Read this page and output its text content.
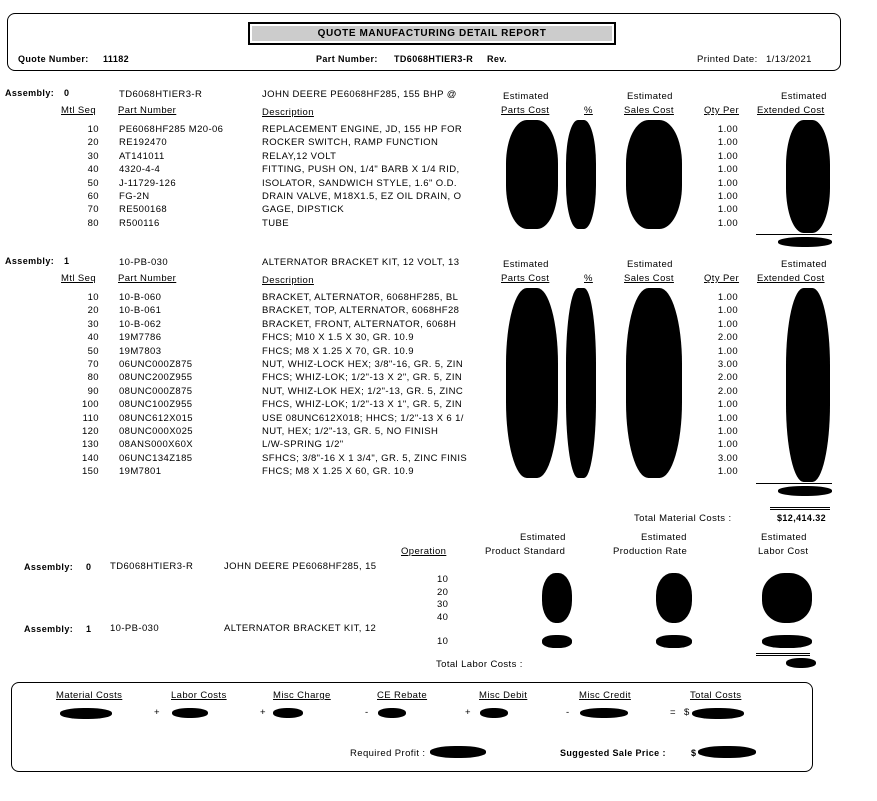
QUOTE MANUFACTURING DETAIL REPORT
Quote Number: 11182	Part Number: TD6068HTIER3-R Rev.	Printed Date: 1/13/2021
Assembly: 0	TD6068HTIER3-R	JOHN DEERE PE6068HF285, 155 BHP @	Estimated	Estimated	Estimated
Mtl Seq Part Number	Description	Parts Cost	%	Sales Cost	Qty Per Extended Cost
10 PE6068HF285 M20-06	REPLACEMENT ENGINE, JD, 155 HP FOR	1.00
20 RE192470	ROCKER SWITCH, RAMP FUNCTION	1.00
30 AT141011	RELAY,12 VOLT	1.00
40 4320-4-4	FITTING, PUSH ON, 1/4" BARB X 1/4 RID,	1.00
50 J-11729-126	ISOLATOR, SANDWICH STYLE, 1.6" O.D.	1.00
60 FG-2N	DRAIN VALVE, M18X1.5, EZ OIL DRAIN, O	1.00
70 RE500168	GAGE, DIPSTICK	1.00
80 R500116	TUBE	1.00
Assembly: 1	10-PB-030	ALTERNATOR BRACKET KIT, 12 VOLT, 13	Estimated	Estimated	Estimated
Mtl Seq Part Number	Description	Parts Cost	%	Sales Cost	Qty Per Extended Cost
10 10-B-060	BRACKET, ALTERNATOR, 6068HF285, BL	1.00
20 10-B-061	BRACKET, TOP, ALTERNATOR, 6068HF28	1.00
30 10-B-062	BRACKET, FRONT, ALTERNATOR, 6068H	1.00
40 19M7786	FHCS; M10 X 1.5 X 30, GR. 10.9	2.00
50 19M7803	FHCS; M8 X 1.25 X 70, GR. 10.9	1.00
70 06UNC000Z875	NUT, WHIZ-LOCK HEX; 3/8"-16, GR. 5, ZIN	3.00
80 08UNC200Z955	FHCS; WHIZ-LOK; 1/2"-13 X 2", GR. 5, ZIN	2.00
90 08UNC000Z875	NUT, WHIZ-LOK HEX; 1/2"-13, GR. 5, ZINC	2.00
100 08UNC100Z955	FHCS, WHIZ-LOK; 1/2"-13 X 1", GR. 5, ZIN	1.00
110 08UNC612X015	USE 08UNC612X018; HHCS; 1/2"-13 X 6 1/	1.00
120 08UNC000X025	NUT, HEX; 1/2"-13, GR. 5, NO FINISH	1.00
130 08ANS000X60X	L/W-SPRING 1/2"	1.00
140 06UNC134Z185	SFHCS; 3/8"-16 X 1 3/4", GR. 5, ZINC FINIS	3.00
150 19M7801	FHCS; M8 X 1.25 X 60, GR. 10.9	1.00
Total Material Costs :	$12,414.32
Estimated	Estimated	Estimated
Operation	Product Standard	Production Rate	Labor Cost
Assembly: 0 TD6068HTIER3-R	JOHN DEERE PE6068HF285, 15
10
20
30
40
Assembly: 1 10-PB-030	ALTERNATOR BRACKET KIT, 12
10
Total Labor Costs :
Material Costs	Labor Costs	Misc Charge	CE Rebate	Misc Debit	Misc Credit	Total Costs
+	+	-	+	-	= $
Required Profit :	Suggested Sale Price :	$
